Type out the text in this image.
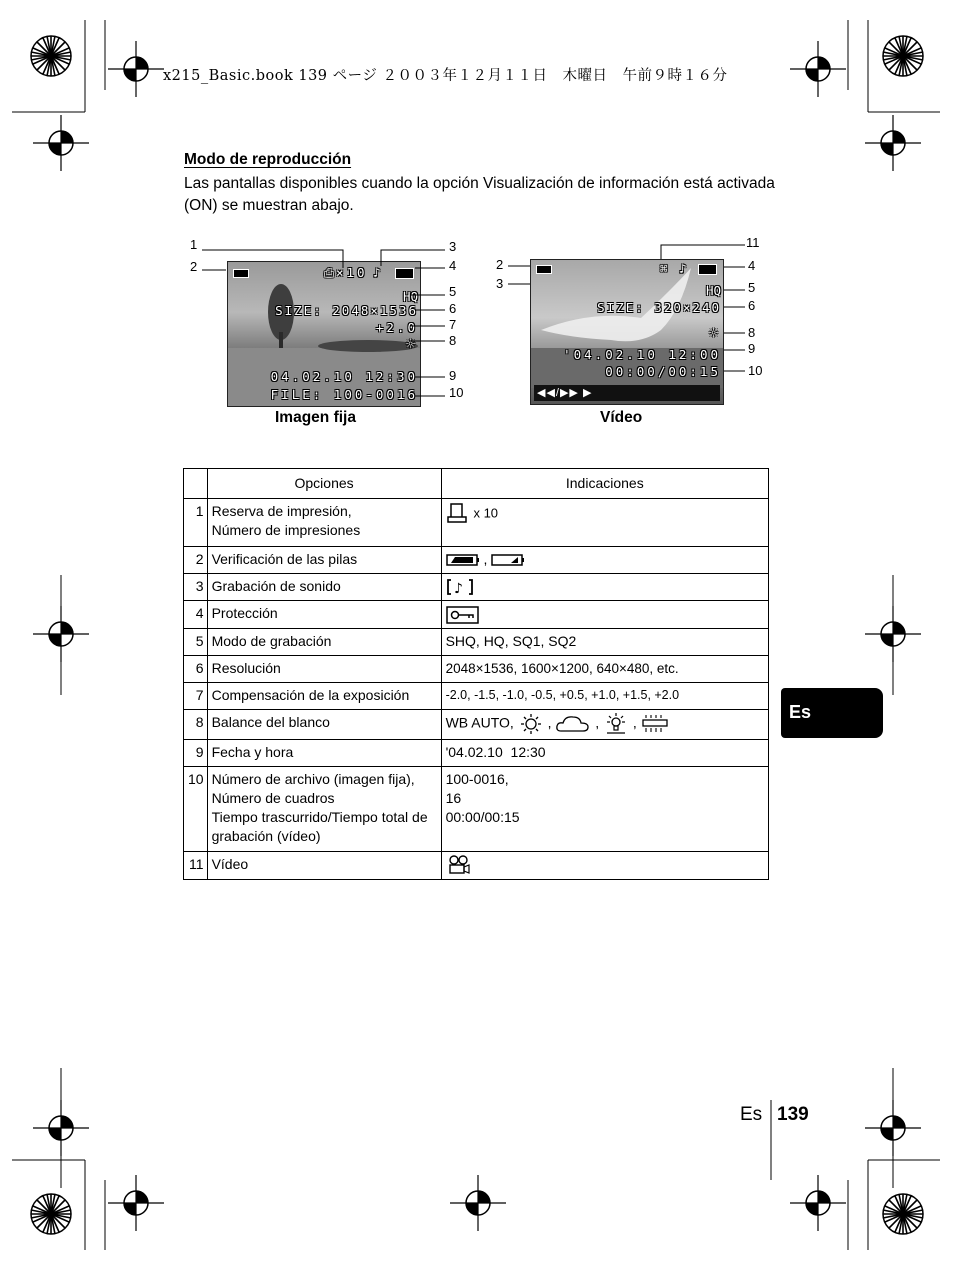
x215_Basic.book 139 ページ ２００３年１２月１１日　木曜日　午前９時１６分
Modo de reproducción
Las pantallas disponibles cuando la opción Visualización de información está activada (ON) se muestran abajo.
⎙
×10 ♪
HQ
SIZE: 2048×1536
+2.0
☼
04.02.10 12:30
FILE: 100-0016
1
2
3
4
5
6
7
8
9
10
Imagen fija
⌘ ♪
HQ
SIZE: 320×240
☼
'04.02.10 12:00
00:00/00:15
◀◀/▶▶ ▶
2
3
4
5
6
8
9
10
11
Vídeo
	Opciones	Indicaciones
1	Reserva de impresión,
Número de impresiones	x 10
2	Verificación de las pilas	,
3	Grabación de sonido	♪

4	Protección	
5	Modo de grabación	SHQ, HQ, SQ1, SQ2
6	Resolución	2048×1536, 1600×1200, 640×480, etc.
7	Compensación de la exposición	-2.0, -1.5, -1.0, -0.5, +0.5, +1.0, +1.5, +2.0
8	Balance del blanco	WB AUTO, , , ,
9	Fecha y hora	'04.02.10  12:30
10	Número de archivo (imagen fija),
Número de cuadros
Tiempo trascurrido/Tiempo total de grabación (vídeo)	100-0016,
16
00:00/00:15
11	Vídeo	
Es
Es 139
